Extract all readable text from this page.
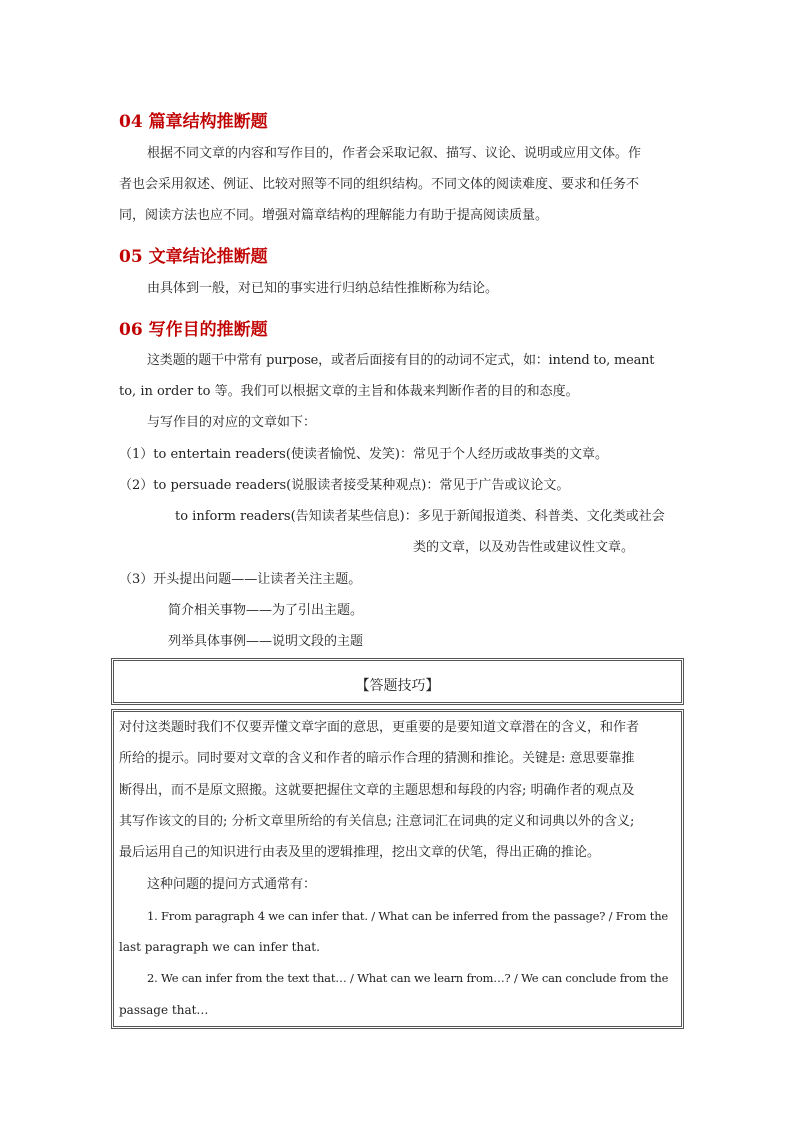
04 篇章结构推断题
根据不同文章的内容和写作目的，作者会采取记叙、描写、议论、说明或应用文体。作
者也会采用叙述、例证、比较对照等不同的组织结构。不同文体的阅读难度、要求和任务不
同，阅读方法也应不同。增强对篇章结构的理解能力有助于提高阅读质量。
05 文章结论推断题
由具体到一般，对已知的事实进行归纳总结性推断称为结论。
06 写作目的推断题
这类题的题干中常有 purpose，或者后面接有目的的动词不定式，如：intend to, meant
to, in order to 等。我们可以根据文章的主旨和体裁来判断作者的目的和态度。
与写作目的对应的文章如下：
（1）to entertain readers(使读者愉悦、发笑)：常见于个人经历或故事类的文章。
（2）to persuade readers(说服读者接受某种观点)：常见于广告或议论文。
to inform readers(告知读者某些信息)：多见于新闻报道类、科普类、文化类或社会
类的文章，以及劝告性或建议性文章。
（3）开头提出问题——让读者关注主题。
简介相关事物——为了引出主题。
列举具体事例——说明文段的主题
【答题技巧】
对付这类题时我们不仅要弄懂文章字面的意思，更重要的是要知道文章潜在的含义，和作者
所给的提示。同时要对文章的含义和作者的暗示作合理的猜测和推论。关键是: 意思要靠推
断得出，而不是原文照搬。这就要把握住文章的主题思想和每段的内容; 明确作者的观点及
其写作该文的目的; 分析文章里所给的有关信息; 注意词汇在词典的定义和词典以外的含义;
最后运用自己的知识进行由表及里的逻辑推理，挖出文章的伏笔，得出正确的推论。
这种问题的提问方式通常有：
1. From paragraph 4 we can infer that. / What can be inferred from the passage? / From the
last paragraph we can infer that.
2. We can infer from the text that… / What can we learn from…? / We can conclude from the
passage that…
